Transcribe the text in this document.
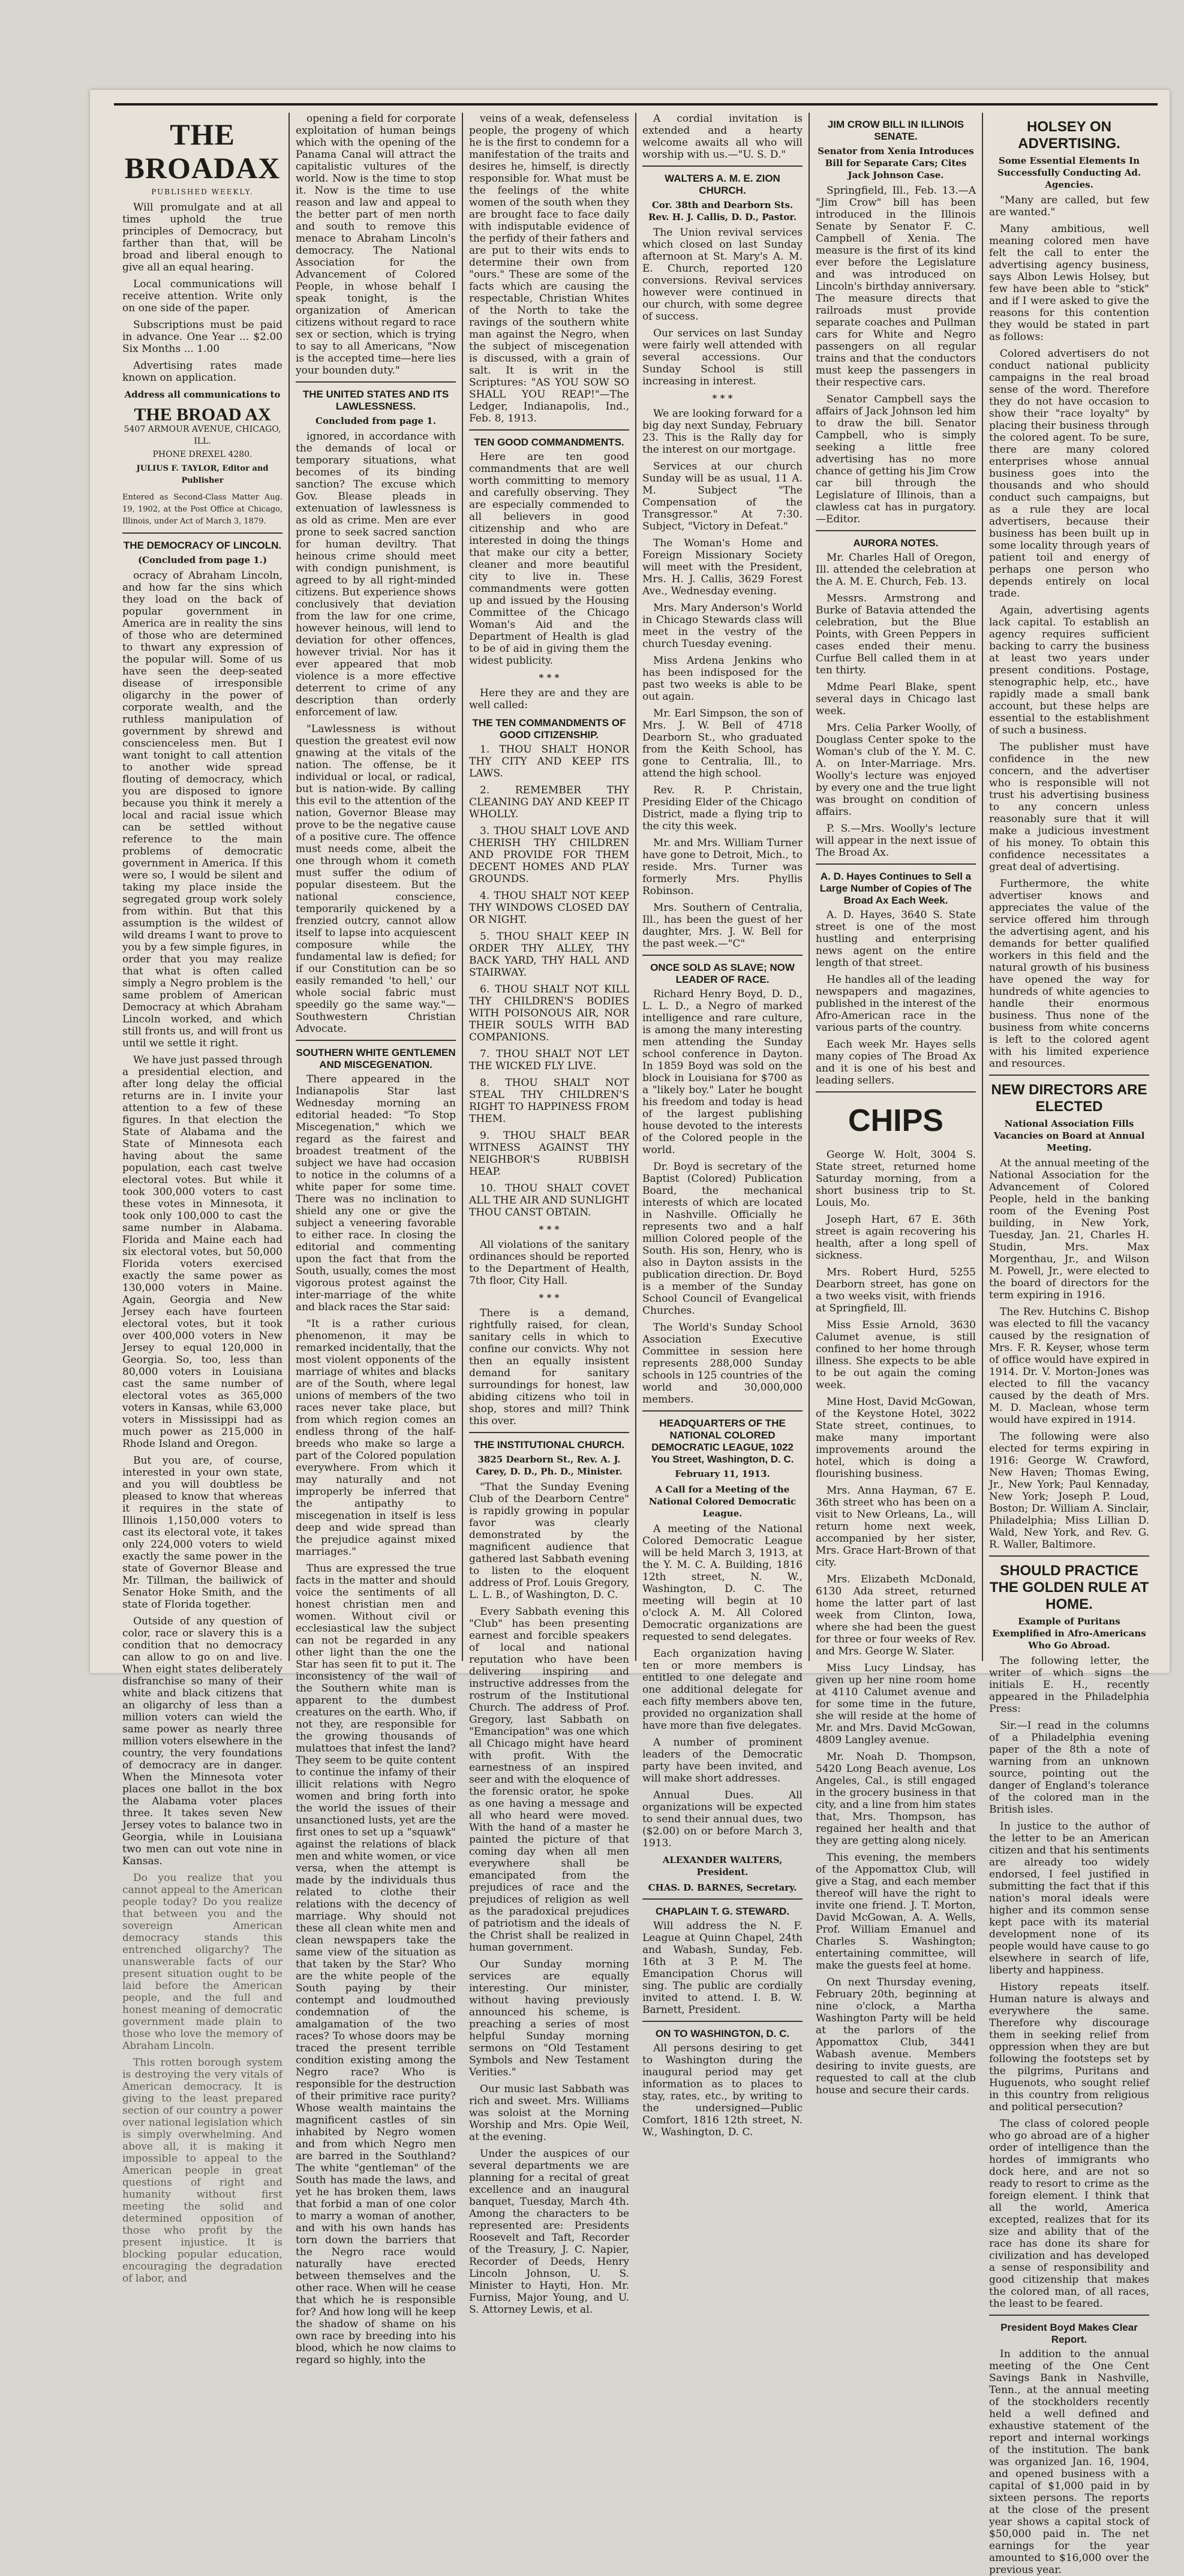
THE BROADAX
PUBLISHED WEEKLY.

Will promulgate and at all times uphold the true principles of Democracy, but farther than that, will be broad and liberal enough to give all an equal hearing.

Local communications will receive attention. Write only on one side of the paper.

Subscriptions must be paid in advance. One Year ... $2.00 Six Months ... 1.00

Advertising rates made known on application.

Address all communications to
THE BROAD AX
5407 ARMOUR AVENUE, CHICAGO, ILL.
PHONE DREXEL 4280.
JULIUS F. TAYLOR, Editor and Publisher
Entered as Second-Class Matter Aug. 19, 1902, at the Post Office at Chicago, Illinois, under Act of March 3, 1879.
THE DEMOCRACY OF LINCOLN.
(Concluded from page 1.)

ocracy of Abraham Lincoln, and how far the sins which they load on the back of popular government in America are in reality the sins of those who are determined to thwart any expression of the popular will. Some of us have seen the deep-seated disease of irresponsible oligarchy in the power of corporate wealth, and the ruthless manipulation of government by shrewd and conscienceless men. But I want tonight to call attention to another wide spread flouting of democracy, which you are disposed to ignore because you think it merely a local and racial issue which can be settled without reference to the main problems of democratic government in America. If this were so, I would be silent and taking my place inside the segregated group work solely from within. But that this assumption is the wildest of wild dreams I want to prove to you by a few simple figures, in order that you may realize that what is often called simply a Negro problem is the same problem of American Democracy at which Abraham Lincoln worked, and which still fronts us, and will front us until we settle it right.

We have just passed through a presidential election, and after long delay the official returns are in. I invite your attention to a few of these figures. In that election the State of Alabama and the State of Minnesota each having about the same population, each cast twelve electoral votes. But while it took 300,000 voters to cast these votes in Minnesota, it took only 100,000 to cast the same number in Alabama. Florida and Maine each had six electoral votes, but 50,000 Florida voters exercised exactly the same power as 130,000 voters in Maine. Again, Georgia and New Jersey each have fourteen electoral votes, but it took over 400,000 voters in New Jersey to equal 120,000 in Georgia. So, too, less than 80,000 voters in Louisiana cast the same number of electoral votes as 365,000 voters in Kansas, while 63,000 voters in Mississippi had as much power as 215,000 in Rhode Island and Oregon.

But you are, of course, interested in your own state, and you will doubtless be pleased to know that whereas it requires in the state of Illinois 1,150,000 voters to cast its electoral vote, it takes only 224,000 voters to wield exactly the same power in the state of Governor Blease and Mr. Tillman, the bailiwick of Senator Hoke Smith, and the state of Florida together.

Outside of any question of color, race or slavery this is a condition that no democracy can allow to go on and live. When eight states deliberately disfranchise so many of their white and black citizens that an oligarchy of less than a million voters can wield the same power as nearly three million voters elsewhere in the country, the very foundations of democracy are in danger. When the Minnesota voter places one ballot in the box the Alabama voter places three. It takes seven New Jersey votes to balance two in Georgia, while in Louisiana two men can out vote nine in Kansas.

Do you realize that you cannot appeal to the American people today? Do you realize that between you and the sovereign American democracy stands this entrenched oligarchy? The unanswerable facts of our present situation ought to be laid before the American people, and the full and honest meaning of democratic government made plain to those who love the memory of Abraham Lincoln.

This rotten borough system is destroying the very vitals of American democracy. It is giving to the least prepared section of our country a power over national legislation which is simply overwhelming. And above all, it is making it impossible to appeal to the American people in great questions of right and humanity without first meeting the solid and determined opposition of those who profit by the present injustice. It is blocking popular education, encouraging the degradation of labor, and

opening a field for corporate exploitation of human beings which with the opening of the Panama Canal will attract the capitalistic vultures of the world. Now is the time to stop it. Now is the time to use reason and law and appeal to the better part of men north and south to remove this menace to Abraham Lincoln's democracy. The National Association for the Advancement of Colored People, in whose behalf I speak tonight, is the organization of American citizens without regard to race sex or section, which is trying to say to all Americans, "Now is the accepted time—here lies your bounden duty."

THE UNITED STATES AND ITS LAWLESSNESS.
Concluded from page 1.

ignored, in accordance with the demands of local or temporary situations, what becomes of its binding sanction? The excuse which Gov. Blease pleads in extenuation of lawlessness is as old as crime. Men are ever prone to seek sacred sanction for human deviltry. That heinous crime should meet with condign punishment, is agreed to by all right-minded citizens. But experience shows conclusively that deviation from the law for one crime, however heinous, will lend to deviation for other offences, however trivial. Nor has it ever appeared that mob violence is a more effective deterrent to crime of any description than orderly enforcement of law.

"Lawlessness is without question the greatest evil now gnawing at the vitals of the nation. The offense, be it individual or local, or radical, but is nation-wide. By calling this evil to the attention of the nation, Governor Blease may prove to be the negative cause of a positive cure. The offence must needs come, albeit the one through whom it cometh must suffer the odium of popular disesteem. But the national conscience, temporarily quickened by a frenzied outcry, cannot allow itself to lapse into acquiescent composure while the fundamental law is defied; for if our Constitution can be so easily remanded 'to hell,' our whole social fabric must speedily go the same way."—Southwestern Christian Advocate.

SOUTHERN WHITE GENTLEMEN AND MISCEGENATION.

There appeared in the Indianapolis Star last Wednesday morning an editorial headed: "To Stop Miscegenation," which we regard as the fairest and broadest treatment of the subject we have had occasion to notice in the columns of a white paper for some time. There was no inclination to shield any one or give the subject a veneering favorable to either race. In closing the editorial and commenting upon the fact that from the South, usually, comes the most vigorous protest against the inter-marriage of the white and black races the Star said:

"It is a rather curious phenomenon, it may be remarked incidentally, that the most violent opponents of the marriage of whites and blacks are of the South, where legal unions of members of the two races never take place, but from which region comes an endless throng of the half-breeds who make so large a part of the Colored population everywhere. From which it may naturally and not improperly be inferred that the antipathy to miscegenation in itself is less deep and wide spread than the prejudice against mixed marriages."

Thus are expressed the true facts in the matter and should voice the sentiments of all honest christian men and women. Without civil or ecclesiastical law the subject can not be regarded in any other light than the one the Star has seen fit to put it. The inconsistency of the wail of the Southern white man is apparent to the dumbest creatures on the earth. Who, if not they, are responsible for the growing thousands of mulattoes that infest the land? They seem to be quite content to continue the infamy of their illicit relations with Negro women and bring forth into the world the issues of their unsanctioned lusts, yet are the first ones to set up a "squawk" against the relations of black men and white women, or vice versa, when the attempt is made by the individuals thus related to clothe their relations with the decency of marriage. Why should not these all clean white men and clean newspapers take the same view of the situation as that taken by the Star? Who are the white people of the South paying by their contempt and loudmouthed condemnation of the amalgamation of the two races? To whose doors may be traced the present terrible condition existing among the Negro race? Who is responsible for the destruction of their primitive race purity? Whose wealth maintains the magnificent castles of sin inhabited by Negro women and from which Negro men are barred in the Southland? The white "gentleman" of the South has made the laws, and yet he has broken them, laws that forbid a man of one color to marry a woman of another, and with his own hands has torn down the barriers that the Negro race would naturally have erected between themselves and the other race. When will he cease that which he is responsible for? And how long will he keep the shadow of shame on his own race by breeding into his blood, which he now claims to regard so highly, into the

veins of a weak, defenseless people, the progeny of which he is the first to condemn for a manifestation of the traits and desires he, himself, is directly responsible for. What must be the feelings of the white women of the south when they are brought face to face daily with indisputable evidence of the perfidy of their fathers and are put to their wits ends to determine their own from "ours." These are some of the facts which are causing the respectable, Christian Whites of the North to take the ravings of the southern white man against the Negro, when the subject of miscegenation is discussed, with a grain of salt. It is writ in the Scriptures: "AS YOU SOW SO SHALL YOU REAP!"—The Ledger, Indianapolis, Ind., Feb. 8, 1913.

TEN GOOD COMMANDMENTS.

Here are ten good commandments that are well worth committing to memory and carefully observing. They are especially commended to all believers in good citizenship and who are interested in doing the things that make our city a better, cleaner and more beautiful city to live in. These commandments were gotten up and issued by the Housing Committee of the Chicago Woman's Aid and the Department of Health is glad to be of aid in giving them the widest publicity.

* * *

Here they are and they are well called:

THE TEN COMMANDMENTS OF GOOD CITIZENSHIP.

1. THOU SHALT HONOR THY CITY AND KEEP ITS LAWS.

2. REMEMBER THY CLEANING DAY AND KEEP IT WHOLLY.

3. THOU SHALT LOVE AND CHERISH THY CHILDREN AND PROVIDE FOR THEM DECENT HOMES AND PLAY GROUNDS.

4. THOU SHALT NOT KEEP THY WINDOWS CLOSED DAY OR NIGHT.

5. THOU SHALT KEEP IN ORDER THY ALLEY, THY BACK YARD, THY HALL AND STAIRWAY.

6. THOU SHALT NOT KILL THY CHILDREN'S BODIES WITH POISONOUS AIR, NOR THEIR SOULS WITH BAD COMPANIONS.

7. THOU SHALT NOT LET THE WICKED FLY LIVE.

8. THOU SHALT NOT STEAL THY CHILDREN'S RIGHT TO HAPPINESS FROM THEM.

9. THOU SHALT BEAR WITNESS AGAINST THY NEIGHBOR'S RUBBISH HEAP.

10. THOU SHALT COVET ALL THE AIR AND SUNLIGHT THOU CANST OBTAIN.

* * *

All violations of the sanitary ordinances should be reported to the Department of Health, 7th floor, City Hall.

* * *

There is a demand, rightfully raised, for clean, sanitary cells in which to confine our convicts. Why not then an equally insistent demand for sanitary surroundings for honest, law abiding citizens who toil in shop, stores and mill? Think this over.

THE INSTITUTIONAL CHURCH.
3825 Dearborn St., Rev. A. J. Carey, D. D., Ph. D., Minister.

"That the Sunday Evening Club of the Dearborn Centre" is rapidly growing in popular favor was clearly demonstrated by the magnificent audience that gathered last Sabbath evening to listen to the eloquent address of Prof. Louis Gregory, L. L. B., of Washington, D. C.

Every Sabbath evening this "Club" has been presenting earnest and forcible speakers of local and national reputation who have been delivering inspiring and instructive addresses from the rostrum of the Institutional Church. The address of Prof. Gregory, last Sabbath on "Emancipation" was one which all Chicago might have heard with profit. With the earnestness of an inspired seer and with the eloquence of the forensic orator, he spoke as one having a message and all who heard were moved. With the hand of a master he painted the picture of that coming day when all men everywhere shall be emancipated from the prejudices of race and the prejudices of religion as well as the paradoxical prejudices of patriotism and the ideals of the Christ shall be realized in human government.

Our Sunday morning services are equally interesting. Our minister, without having previously announced his scheme, is preaching a series of most helpful Sunday morning sermons on "Old Testament Symbols and New Testament Verities."

Our music last Sabbath was rich and sweet. Mrs. Williams was soloist at the Morning Worship and Mrs. Opie Weil, at the evening.

Under the auspices of our several departments we are planning for a recital of great excellence and an inaugural banquet, Tuesday, March 4th. Among the characters to be represented are: Presidents Roosevelt and Taft, Recorder of the Treasury, J. C. Napier, Recorder of Deeds, Henry Lincoln Johnson, U. S. Minister to Hayti, Hon. Mr. Furniss, Major Young, and U. S. Attorney Lewis, et al.

A cordial invitation is extended and a hearty welcome awaits all who will worship with us.—"U. S. D."

WALTERS A. M. E. ZION CHURCH.
Cor. 38th and Dearborn Sts. Rev. H. J. Callis, D. D., Pastor.

The Union revival services which closed on last Sunday afternoon at St. Mary's A. M. E. Church, reported 120 conversions. Revival services however were continued in our church, with some degree of success.

Our services on last Sunday were fairly well attended with several accessions. Our Sunday School is still increasing in interest.

* * *

We are looking forward for a big day next Sunday, February 23. This is the Rally day for the interest on our mortgage.

Services at our church Sunday will be as usual, 11 A. M. Subject "The Compensation of the Transgressor." At 7:30. Subject, "Victory in Defeat."

The Woman's Home and Foreign Missionary Society will meet with the President, Mrs. H. J. Callis, 3629 Forest Ave., Wednesday evening.

Mrs. Mary Anderson's World in Chicago Stewards class will meet in the vestry of the church Tuesday evening.

Miss Ardena Jenkins who has been indisposed for the past two weeks is able to be out again.

Mr. Earl Simpson, the son of Mrs. J. W. Bell of 4718 Dearborn St., who graduated from the Keith School, has gone to Centralia, Ill., to attend the high school.

Rev. R. P. Christain, Presiding Elder of the Chicago District, made a flying trip to the city this week.

Mr. and Mrs. William Turner have gone to Detroit, Mich., to reside. Mrs. Turner was formerly Mrs. Phyllis Robinson.

Mrs. Southern of Centralia, Ill., has been the guest of her daughter, Mrs. J. W. Bell for the past week.—"C"

ONCE SOLD AS SLAVE; NOW LEADER OF RACE.

Richard Henry Boyd, D. D., L. L. D., a Negro of marked intelligence and rare culture, is among the many interesting men attending the Sunday school conference in Dayton. In 1859 Boyd was sold on the block in Louisiana for $700 as a "likely boy." Later he bought his freedom and today is head of the largest publishing house devoted to the interests of the Colored people in the world.

Dr. Boyd is secretary of the Baptist (Colored) Publication Board, the mechanical interests of which are located in Nashville. Officially he represents two and a half million Colored people of the South. His son, Henry, who is also in Dayton assists in the publication direction. Dr. Boyd is a member of the Sunday School Council of Evangelical Churches.

The World's Sunday School Association Executive Committee in session here represents 288,000 Sunday schools in 125 countries of the world and 30,000,000 members.

HEADQUARTERS OF THE NATIONAL COLORED DEMOCRATIC LEAGUE, 1022 You Street, Washington, D. C.
February 11, 1913.
A Call for a Meeting of the National Colored Democratic League.

A meeting of the National Colored Democratic League will be held March 3, 1913, at the Y. M. C. A. Building, 1816 12th street, N. W., Washington, D. C. The meeting will begin at 10 o'clock A. M. All Colored Democratic organizations are requested to send delegates.

Each organization having ten or more members is entitled to one delegate and one additional delegate for each fifty members above ten, provided no organization shall have more than five delegates.

A number of prominent leaders of the Democratic party have been invited, and will make short addresses.

Annual Dues. All organizations will be expected to send their annual dues, two ($2.00) on or before March 3, 1913.

ALEXANDER WALTERS, President.
CHAS. D. BARNES, Secretary.
CHAPLAIN T. G. STEWARD.

Will address the N. F. League at Quinn Chapel, 24th and Wabash, Sunday, Feb. 16th at 3 P. M. The Emancipation Chorus will sing. The public are cordially invited to attend. I. B. W. Barnett, President.

ON TO WASHINGTON, D. C.

All persons desiring to get to Washington during the inaugural period may get information as to places to stay, rates, etc., by writing to the undersigned—Public Comfort, 1816 12th street, N. W., Washington, D. C.

JIM CROW BILL IN ILLINOIS SENATE.
Senator from Xenia Introduces Bill for Separate Cars; Cites Jack Johnson Case.

Springfield, Ill., Feb. 13.—A "Jim Crow" bill has been introduced in the Illinois Senate by Senator F. C. Campbell of Xenia. The measure is the first of its kind ever before the Legislature and was introduced on Lincoln's birthday anniversary. The measure directs that railroads must provide separate coaches and Pullman cars for White and Negro passengers on all regular trains and that the conductors must keep the passengers in their respective cars.

Senator Campbell says the affairs of Jack Johnson led him to draw the bill. Senator Campbell, who is simply seeking a little free advertising has no more chance of getting his Jim Crow car bill through the Legislature of Illinois, than a clawless cat has in purgatory.—Editor.

AURORA NOTES.

Mr. Charles Hall of Oregon, Ill. attended the celebration at the A. M. E. Church, Feb. 13.

Messrs. Armstrong and Burke of Batavia attended the celebration, but the Blue Points, with Green Peppers in cases ended their menu. Curfue Bell called them in at ten thirty.

Mdme Pearl Blake, spent several days in Chicago last week.

Mrs. Celia Parker Woolly, of Douglass Center spoke to the Woman's club of the Y. M. C. A. on Inter-Marriage. Mrs. Woolly's lecture was enjoyed by every one and the true light was brought on condition of affairs.

P. S.—Mrs. Woolly's lecture will appear in the next issue of The Broad Ax.

A. D. Hayes Continues to Sell a Large Number of Copies of The Broad Ax Each Week.

A. D. Hayes, 3640 S. State street is one of the most hustling and enterprising news agent on the entire length of that street.

He handles all of the leading newspapers and magazines, published in the interest of the Afro-American race in the various parts of the country.

Each week Mr. Hayes sells many copies of The Broad Ax and it is one of his best and leading sellers.

CHIPS

George W. Holt, 3004 S. State street, returned home Saturday morning, from a short business trip to St. Louis, Mo.

Joseph Hart, 67 E. 36th street is again recovering his health, after a long spell of sickness.

Mrs. Robert Hurd, 5255 Dearborn street, has gone on a two weeks visit, with friends at Springfield, Ill.

Miss Essie Arnold, 3630 Calumet avenue, is still confined to her home through illness. She expects to be able to be out again the coming week.

Mine Host, David McGowan, of the Keystone Hotel, 3022 State street, continues, to make many important improvements around the hotel, which is doing a flourishing business.

Mrs. Anna Hayman, 67 E. 36th street who has been on a visit to New Orleans, La., will return home next week, accompanied by her sister, Mrs. Grace Hart-Brown of that city.

Mrs. Elizabeth McDonald, 6130 Ada street, returned home the latter part of last week from Clinton, Iowa, where she had been the guest for three or four weeks of Rev. and Mrs. George W. Slater.

Miss Lucy Lindsay, has given up her nine room home at 4110 Calumet avenue and for some time in the future, she will reside at the home of Mr. and Mrs. David McGowan, 4809 Langley avenue.

Mr. Noah D. Thompson, 5420 Long Beach avenue, Los Angeles, Cal., is still engaged in the grocery business in that city, and a line from him states that, Mrs. Thompson, has regained her health and that they are getting along nicely.

This evening, the members of the Appomattox Club, will give a Stag, and each member thereof will have the right to invite one friend. J. T. Morton, David McGowan, A. A. Wells, Prof. William Emanuel and Charles S. Washington; entertaining committee, will make the guests feel at home.

On next Thursday evening, February 20th, beginning at nine o'clock, a Martha Washington Party will be held at the parlors of the Appomattox Club, 3441 Wabash avenue. Members desiring to invite guests, are requested to call at the club house and secure their cards.

HOLSEY ON ADVERTISING.
Some Essential Elements In Successfully Conducting Ad. Agencies.

"Many are called, but few are wanted."

Many ambitious, well meaning colored men have felt the call to enter the advertising agency business, says Albon Lewis Holsey, but few have been able to "stick" and if I were asked to give the reasons for this contention they would be stated in part as follows:

Colored advertisers do not conduct national publicity campaigns in the real broad sense of the word. Therefore they do not have occasion to show their "race loyalty" by placing their business through the colored agent. To be sure, there are many colored enterprises whose annual business goes into the thousands and who should conduct such campaigns, but as a rule they are local advertisers, because their business has been built up in some locality through years of patient toil and energy of perhaps one person who depends entirely on local trade.

Again, advertising agents lack capital. To establish an agency requires sufficient backing to carry the business at least two years under present conditions. Postage, stenographic help, etc., have rapidly made a small bank account, but these helps are essential to the establishment of such a business.

The publisher must have confidence in the new concern, and the advertiser who is responsible will not trust his advertising business to any concern unless reasonably sure that it will make a judicious investment of his money. To obtain this confidence necessitates a great deal of advertising.

Furthermore, the white advertiser knows and appreciates the value of the service offered him through the advertising agent, and his demands for better qualified workers in this field and the natural growth of his business have opened the way for hundreds of white agencies to handle their enormous business. Thus none of the business from white concerns is left to the colored agent with his limited experience and resources.

NEW DIRECTORS ARE ELECTED
National Association Fills Vacancies on Board at Annual Meeting.

At the annual meeting of the National Association for the Advancement of Colored People, held in the banking room of the Evening Post building, in New York, Tuesday, Jan. 21, Charles H. Studin, Mrs. Max Morgenthau, Jr., and Wilson M. Powell, Jr., were elected to the board of directors for the term expiring in 1916.

The Rev. Hutchins C. Bishop was elected to fill the vacancy caused by the resignation of Mrs. F. R. Keyser, whose term of office would have expired in 1914. Dr. V. Morton-Jones was elected to fill the vacancy caused by the death of Mrs. M. D. Maclean, whose term would have expired in 1914.

The following were also elected for terms expiring in 1916: George W. Crawford, New Haven; Thomas Ewing, Jr., New York; Paul Kennaday, New York; Joseph P. Loud, Boston; Dr. William A. Sinclair, Philadelphia; Miss Lillian D. Wald, New York, and Rev. G. R. Waller, Baltimore.

SHOULD PRACTICE THE GOLDEN RULE AT HOME.
Example of Puritans Exemplified in Afro-Americans Who Go Abroad.

The following letter, the writer of which signs the initials E. H., recently appeared in the Philadelphia Press:

Sir.—I read in the columns of a Philadelphia evening paper of the 8th a note of warning from an unknown source, pointing out the danger of England's tolerance of the colored man in the British isles.

In justice to the author of the letter to be an American citizen and that his sentiments are already too widely endorsed, I feel justified in submitting the fact that if this nation's moral ideals were higher and its common sense kept pace with its material development none of its people would have cause to go elsewhere in search of life, liberty and happiness.

History repeats itself. Human nature is always and everywhere the same. Therefore why discourage them in seeking relief from oppression when they are but following the footsteps set by the pilgrims, Puritans and Huguenots, who sought relief in this country from religious and political persecution?

The class of colored people who go abroad are of a higher order of intelligence than the hordes of immigrants who dock here, and are not so ready to resort to crime as the foreign element. I think that all the world, America excepted, realizes that for its size and ability that of the race has done its share for civilization and has developed a sense of responsibility and good citizenship that makes the colored man, of all races, the least to be feared.

President Boyd Makes Clear Report.

In addition to the annual meeting of the One Cent Savings Bank in Nashville, Tenn., at the annual meeting of the stockholders recently held a well defined and exhaustive statement of the report and internal workings of the institution. The bank was organized Jan. 16, 1904, and opened business with a capital of $1,000 paid in by sixteen persons. The reports at the close of the present year shows a capital stock of $50,000 paid in. The net earnings for the year amounted to $16,000 over the previous year.
